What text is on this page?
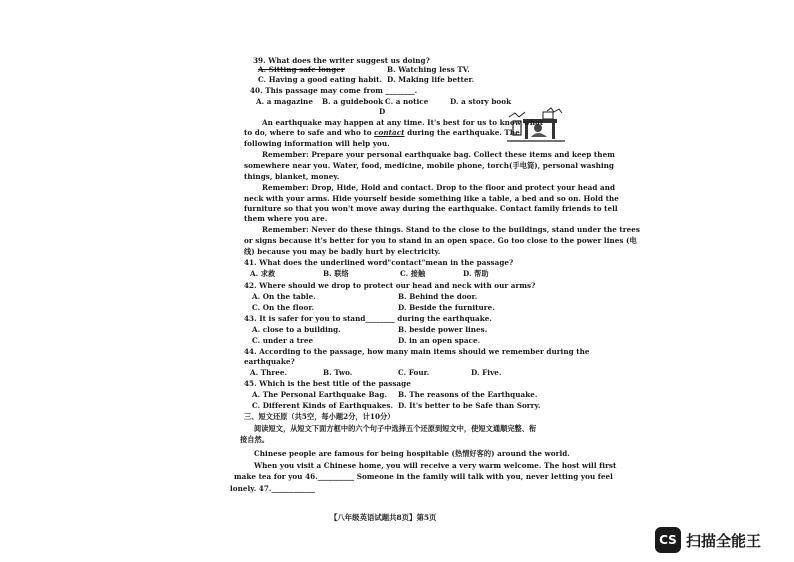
39. What does the writer suggest us doing?
A. Sitting safe longer	B. Watching less TV.
C. Having a good eating habit. D. Making life better.
40. This passage may come from ________.
A. a magazine B. a guidebook C. a notice	D. a story book
D
An earthquake may happen at any time. It's best for us to know what
to do, where to safe and who to contact during the earthquake. The
following information will help you.
Remember: Prepare your personal earthquake bag. Collect these items and keep them
somewhere near you. Water, food, medicine, mobile phone, torch(手电筒), personal washing
things, blanket, money.
Remember: Drop, Hide, Hold and contact. Drop to the floor and protect your head and
neck with your arms. Hide yourself beside something like a table, a bed and so on. Hold the
furniture so that you won't move away during the earthquake. Contact family friends to tell
them where you are.
Remember: Never do these things. Stand to the close to the buildings, stand under the trees
or signs because it's better for you to stand in an open space. Go too close to the power lines (电
线) because you may be badly hurt by electricity.
41. What does the underlined word"contact"mean in the passage?
A. 求救	B. 联络	C. 接触	D. 帮助
42. Where should we drop to protect our head and neck with our arms?
A. On the table.	B. Behind the door.
C. On the floor.	D. Beside the furniture.
43. It is safer for you to stand________ during the earthquake.
A. close to a building.	B. beside power lines.
C. under a tree	D. in an open space.
44. According to the passage, how many main items should we remember during the
earthquake?
A. Three.	B. Two.	C. Four.	D. Five.
45. Which is the best title of the passage
A. The Personal Earthquake Bag. B. The reasons of the Earthquake.
C. Different Kinds of Earthquakes. D. It's better to be Safe than Sorry.
三、短文还原（共5空，每小题2分，计10分）
阅读短文，从短文下面方框中的六个句子中选择五个还原到短文中，使短文通顺完整、衔
接自然。
Chinese people are famous for being hospitable (热情好客的) around the world.
When you visit a Chinese home, you will receive a very warm welcome. The host will first
make tea for you 46.__________ Someone in the family will talk with you, never letting you feel
lonely. 47.____________
【八年级英语试题共8页】第5页
CS 扫描全能王
